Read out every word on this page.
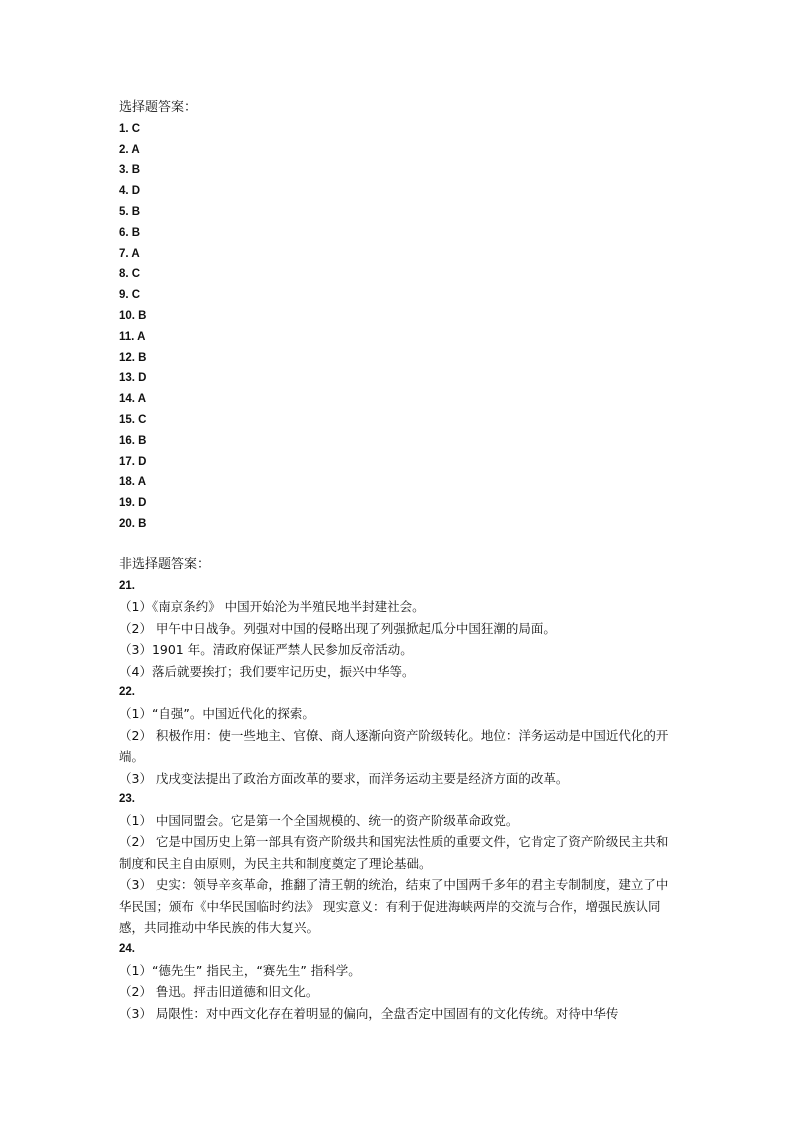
选择题答案：
1. C
2. A
3. B
4. D
5. B
6. B
7. A
8. C
9. C
10. B
11. A
12. B
13. D
14. A
15. C
16. B
17. D
18. A
19. D
20. B
非选择题答案：
21.
（1）《南京条约》 中国开始沦为半殖民地半封建社会。
（2） 甲午中日战争。列强对中国的侵略出现了列强掀起瓜分中国狂潮的局面。
（3）1901 年。清政府保证严禁人民参加反帝活动。
（4）落后就要挨打；我们要牢记历史，振兴中华等。
22.
（1）“自强”。中国近代化的探索。
（2） 积极作用：使一些地主、官僚、商人逐渐向资产阶级转化。地位：洋务运动是中国近代化的开端。
（3） 戊戌变法提出了政治方面改革的要求，而洋务运动主要是经济方面的改革。
23.
（1） 中国同盟会。它是第一个全国规模的、统一的资产阶级革命政党。
（2） 它是中国历史上第一部具有资产阶级共和国宪法性质的重要文件，它肯定了资产阶级民主共和制度和民主自由原则，为民主共和制度奠定了理论基础。
（3） 史实：领导辛亥革命，推翻了清王朝的统治，结束了中国两千多年的君主专制制度，建立了中华民国；颁布《中华民国临时约法》 现实意义：有利于促进海峡两岸的交流与合作，增强民族认同感，共同推动中华民族的伟大复兴。
24.
（1）“德先生” 指民主，“赛先生” 指科学。
（2） 鲁迅。抨击旧道德和旧文化。
（3） 局限性：对中西文化存在着明显的偏向，全盘否定中国固有的文化传统。对待中华传
